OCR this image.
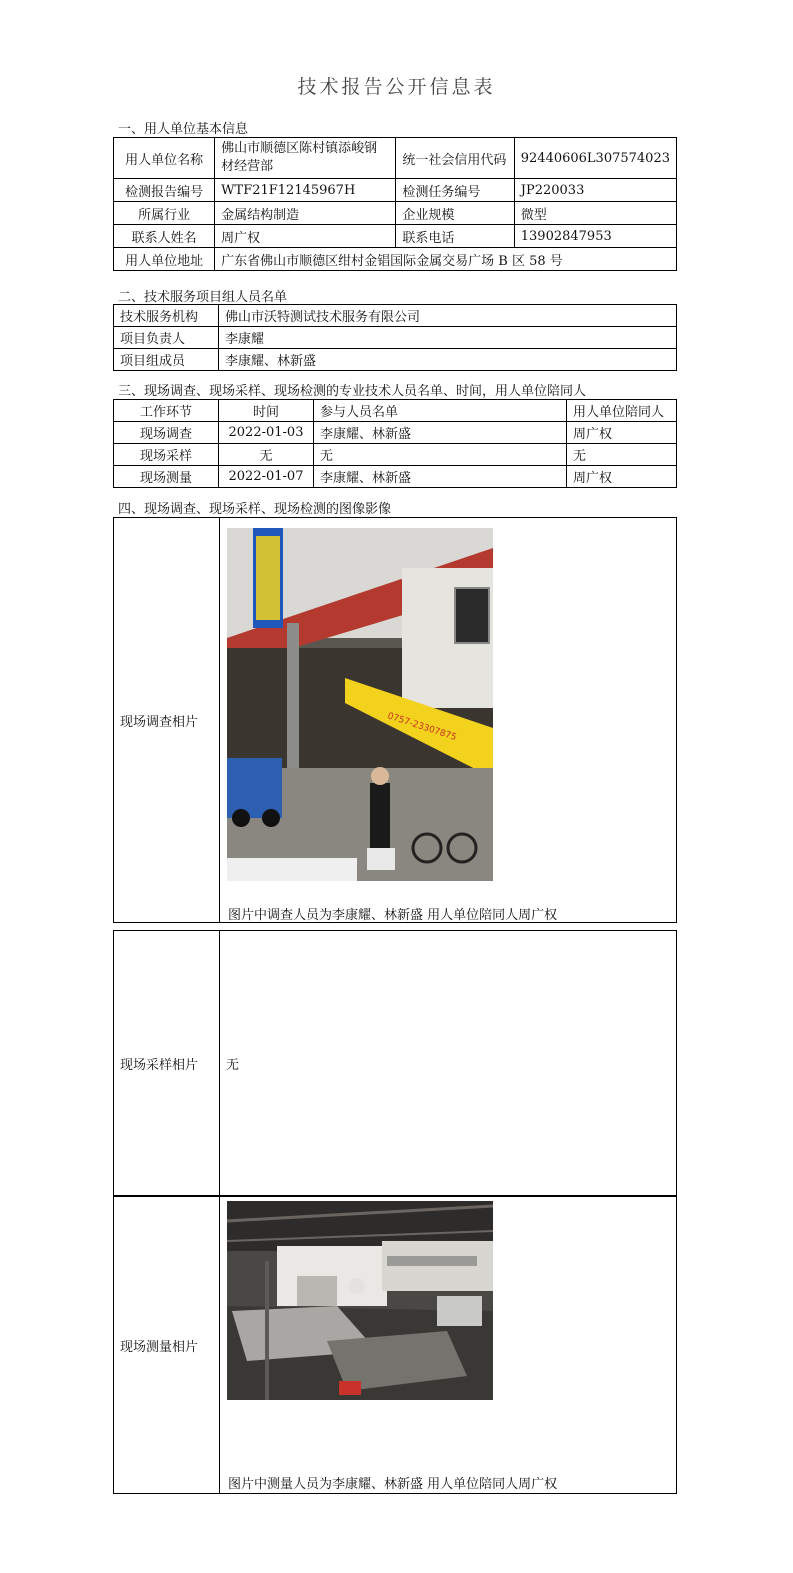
技术报告公开信息表
一、用人单位基本信息
用人单位名称	佛山市顺德区陈村镇添峻钢材经营部	统一社会信用代码	92440606L307574023
检测报告编号	WTF21F12145967H	检测任务编号	JP220033
所属行业	金属结构制造	企业规模	微型
联系人姓名	周广权	联系电话	13902847953
用人单位地址	广东省佛山市顺德区绀村金锠国际金属交易广场 B 区 58 号		
二、技术服务项目组人员名单
技术服务机构	佛山市沃特测试技术服务有限公司
项目负责人	李康耀
项目组成员	李康耀、林新盛
三、现场调查、现场采样、现场检测的专业技术人员名单、时间，用人单位陪同人
工作环节	时间	参与人员名单	用人单位陪同人
现场调查	2022-01-03	李康耀、林新盛	周广权
现场采样	无	无	无
现场测量	2022-01-07	李康耀、林新盛	周广权
四、现场调查、现场采样、现场检测的图像影像
现场调查相片	0757-23307875
图片中调查人员为李康耀、林新盛 用人单位陪同人周广权
现场采样相片	无
现场测量相片	
图片中测量人员为李康耀、林新盛 用人单位陪同人周广权
